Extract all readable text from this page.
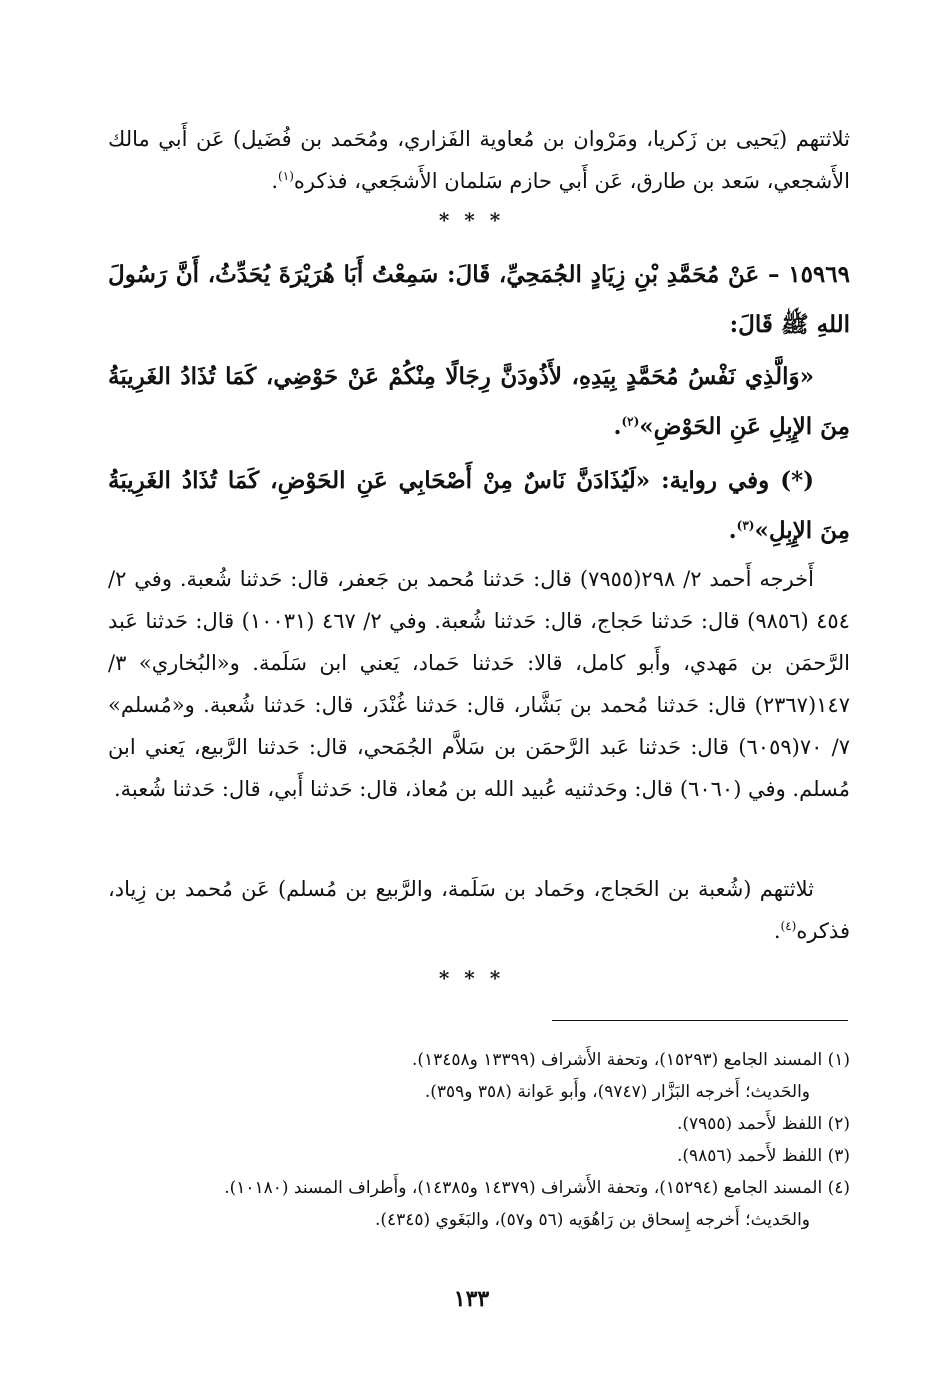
ثلاثتهم (يَحيى بن زَكريا، ومَرْوان بن مُعاوية الفَزاري، ومُحَمد بن فُضَيل) عَن أَبي مالك الأَشجعي، سَعد بن طارق، عَن أَبي حازم سَلمان الأَشجَعي، فذكره$^{(١)}$.
* * *
١٥٩٦٩ – عَنْ مُحَمَّدِ بْنِ زِيَادٍ الجُمَحِيِّ، قَالَ: سَمِعْتُ أَبَا هُرَيْرَةَ يُحَدِّثُ، أَنَّ رَسُولَ اللهِ ﷺ قَالَ:
«وَالَّذِي نَفْسُ مُحَمَّدٍ بِيَدِهِ، لأَذُودَنَّ رِجَالًا مِنْكُمْ عَنْ حَوْضِي، كَمَا تُذَادُ الغَرِيبَةُ مِنَ الإِبِلِ عَنِ الحَوْضِ»$^{(٢)}$.
(*) وفي رواية: «لَيُذَادَنَّ نَاسٌ مِنْ أَصْحَابِي عَنِ الحَوْضِ، كَمَا تُذَادُ الغَرِيبَةُ مِنَ الإِبِلِ»$^{(٣)}$.
أَخرجه أَحمد ٢/ ٢٩٨(٧٩٥٥) قال: حَدثنا مُحمد بن جَعفر، قال: حَدثنا شُعبة. وفي ٢/ ٤٥٤ (٩٨٥٦) قال: حَدثنا حَجاج، قال: حَدثنا شُعبة. وفي ٢/ ٤٦٧ (١٠٠٣١) قال: حَدثنا عَبد الرَّحمَن بن مَهدي، وأَبو كامل، قالا: حَدثنا حَماد، يَعني ابن سَلَمة. و«البُخاري» ٣/ ١٤٧(٢٣٦٧) قال: حَدثنا مُحمد بن بَشَّار، قال: حَدثنا غُنْدَر، قال: حَدثنا شُعبة. و«مُسلم» ٧/ ٧٠(٦٠٥٩) قال: حَدثنا عَبد الرَّحمَن بن سَلاَّم الجُمَحي، قال: حَدثنا الرَّبيع، يَعني ابن مُسلم. وفي (٦٠٦٠) قال: وحَدثنيه عُبيد الله بن مُعاذ، قال: حَدثنا أَبي، قال: حَدثنا شُعبة.
ثلاثتهم (شُعبة بن الحَجاج، وحَماد بن سَلَمة، والرَّبيع بن مُسلم) عَن مُحمد بن زِياد، فذكره$^{(٤)}$.
* * *
(١) المسند الجامع (١٥٢٩٣)، وتحفة الأَشراف (١٣٣٩٩ و١٣٤٥٨).
والحَديث؛ أَخرجه البَزَّار (٩٧٤٧)، وأَبو عَوانة (٣٥٨ و٣٥٩).
(٢) اللفظ لأَحمد (٧٩٥٥).
(٣) اللفظ لأَحمد (٩٨٥٦).
(٤) المسند الجامع (١٥٢٩٤)، وتحفة الأَشراف (١٤٣٧٩ و١٤٣٨٥)، وأَطراف المسند (١٠١٨٠).
والحَديث؛ أَخرجه إِسحاق بن رَاهُوَيه (٥٦ و٥٧)، والبَغَوي (٤٣٤٥).
١٣٣
